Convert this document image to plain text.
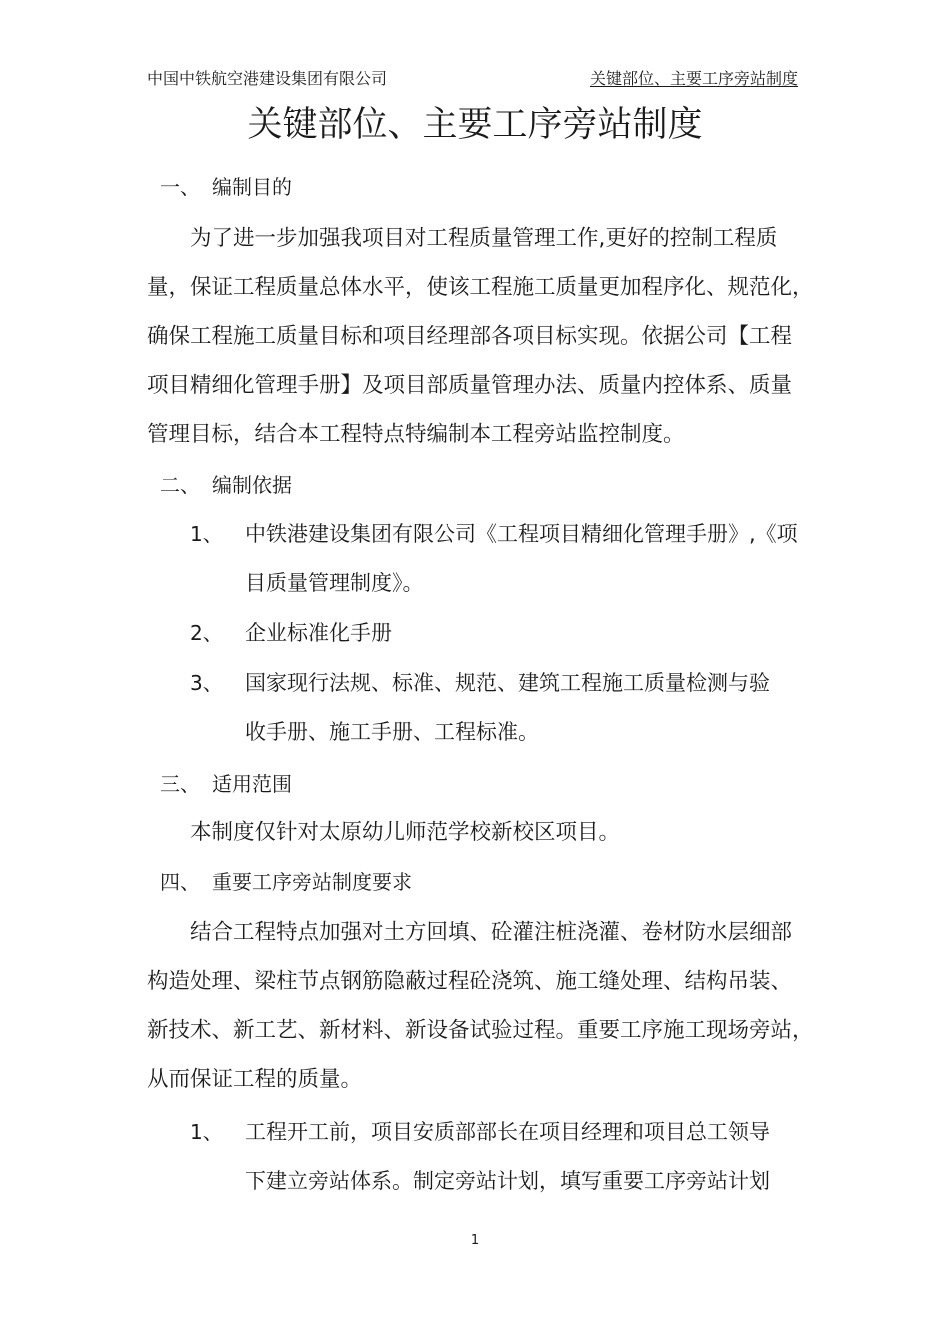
中国中铁航空港建设集团有限公司	关键部位、主要工序旁站制度
关键部位、主要工序旁站制度
一、 编制目的
　　为了进一步加强我项目对工程质量管理工作,更好的控制工程质
量，保证工程质量总体水平，使该工程施工质量更加程序化、规范化，
确保工程施工质量目标和项目经理部各项目标实现。依据公司【工程
项目精细化管理手册】及项目部质量管理办法、质量内控体系、质量
管理目标，结合本工程特点特编制本工程旁站监控制度。
二、 编制依据
1、 中铁港建设集团有限公司《工程项目精细化管理手册》,《项
目质量管理制度》。
2、 企业标准化手册
3、 国家现行法规、标准、规范、建筑工程施工质量检测与验
收手册、施工手册、工程标准。
三、 适用范围
　　本制度仅针对太原幼儿师范学校新校区项目。
四、 重要工序旁站制度要求
　　结合工程特点加强对土方回填、砼灌注桩浇灌、卷材防水层细部
构造处理、梁柱节点钢筋隐蔽过程砼浇筑、施工缝处理、结构吊装、
新技术、新工艺、新材料、新设备试验过程。重要工序施工现场旁站，
从而保证工程的质量。
1、 工程开工前，项目安质部部长在项目经理和项目总工领导
下建立旁站体系。制定旁站计划，填写重要工序旁站计划
1
